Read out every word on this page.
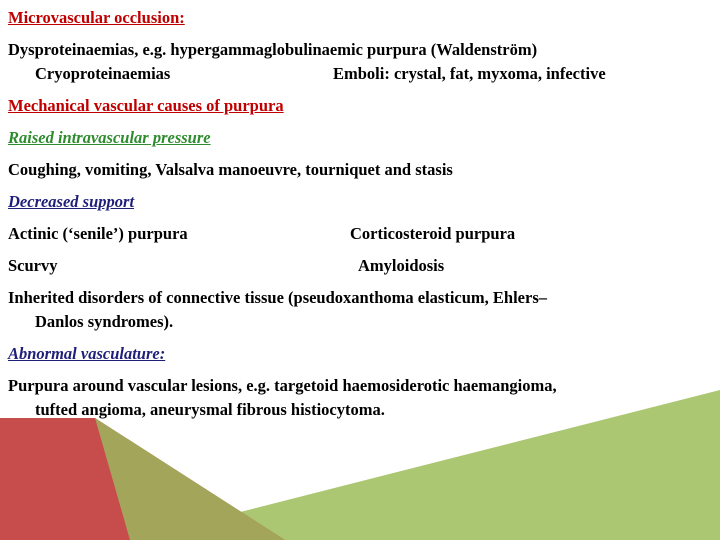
Microvascular occlusion:
Dysproteinaemias, e.g. hypergammaglobulinaemic purpura (Waldenström)
Cryoproteinaemias	Emboli: crystal, fat, myxoma, infective
Mechanical vascular causes of purpura
Raised intravascular pressure
Coughing, vomiting, Valsalva manoeuvre, tourniquet and stasis
Decreased support
Actinic (‘senile’) purpura	Corticosteroid purpura
Scurvy	Amyloidosis
Inherited disorders of connective tissue (pseudoxanthoma elasticum, Ehlers–
Danlos syndromes).
Abnormal vasculature:
Purpura around vascular lesions, e.g. targetoid haemosiderotic haemangioma,
tufted angioma, aneurysmal fibrous histiocytoma.
